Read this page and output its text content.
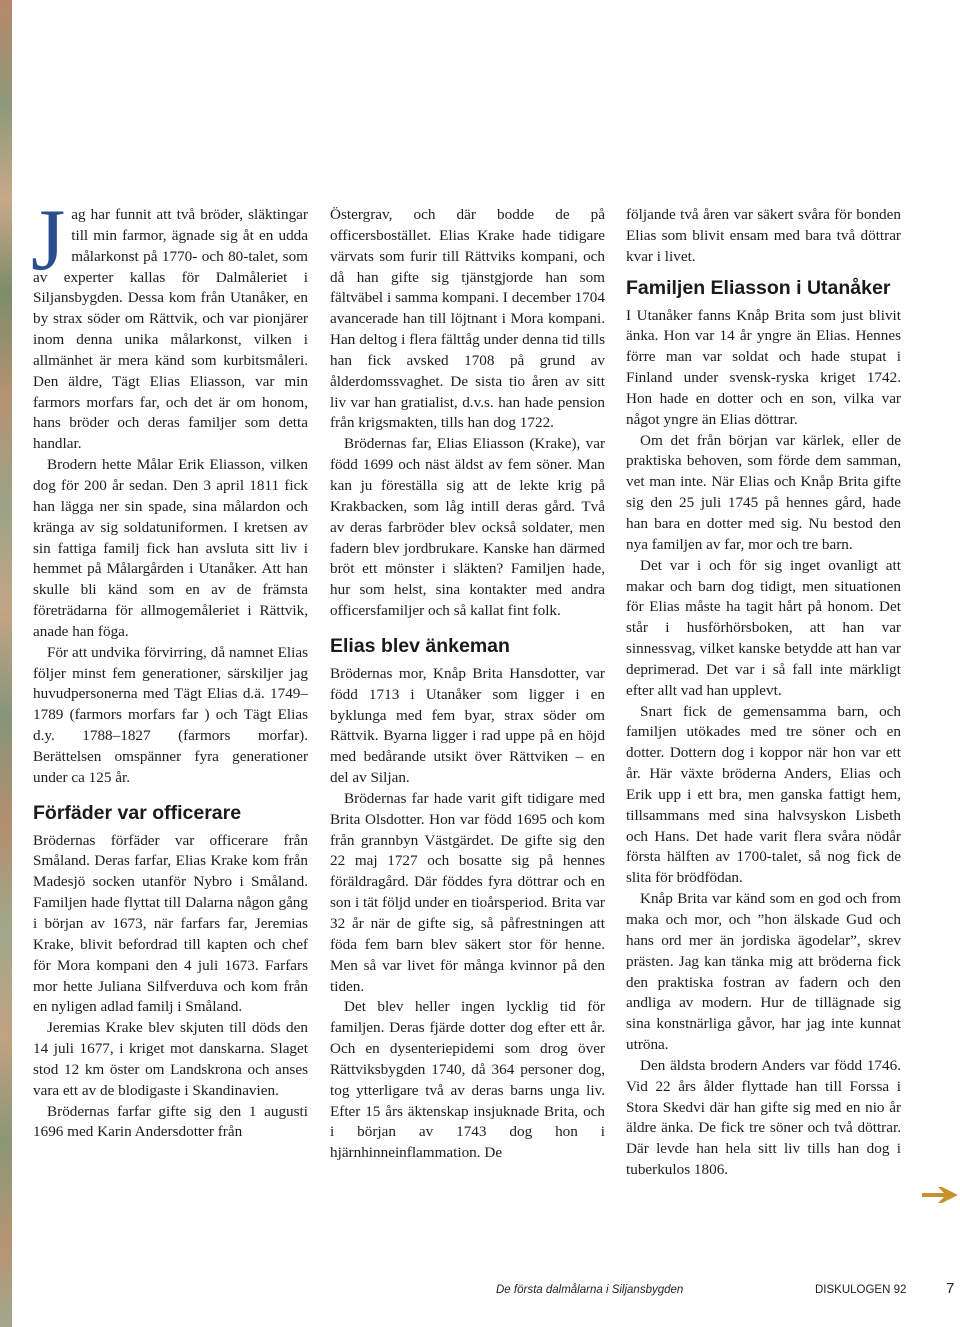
J ag har funnit att två bröder, släktingar till min farmor, ägnade sig åt en udda målarkonst på 1770- och 80-talet, som av experter kallas för Dalmåleriet i Siljansbygden. Dessa kom från Utanåker, en by strax söder om Rättvik, och var pionjärer inom denna unika målarkonst, vilken i allmänhet är mera känd som kurbitsmåleri. Den äldre, Tägt Elias Eliasson, var min farmors morfars far, och det är om honom, hans bröder och deras familjer som detta handlar.

Brodern hette Målar Erik Eliasson, vilken dog för 200 år sedan. Den 3 april 1811 fick han lägga ner sin spade, sina målardon och kränga av sig soldatuniformen. I kretsen av sin fattiga familj fick han avsluta sitt liv i hemmet på Målargården i Utanåker. Att han skulle bli känd som en av de främsta företrädarna för allmogemåleriet i Rättvik, anade han föga.

För att undvika förvirring, då namnet Elias följer minst fem generationer, särskiljer jag huvudpersonerna med Tägt Elias d.ä. 1749–1789 (farmors morfars far ) och Tägt Elias d.y. 1788–1827 (farmors morfar). Berättelsen omspänner fyra generationer under ca 125 år.

Förfäder var officerare

Brödernas förfäder var officerare från Småland. Deras farfar, Elias Krake kom från Madesjö socken utanför Nybro i Småland. Familjen hade flyttat till Dalarna någon gång i början av 1673, när farfars far, Jeremias Krake, blivit befordrad till kapten och chef för Mora kompani den 4 juli 1673. Farfars mor hette Juliana Silfverduva och kom från en nyligen adlad familj i Småland.

Jeremias Krake blev skjuten till döds den 14 juli 1677, i kriget mot danskarna. Slaget stod 12 km öster om Landskrona och anses vara ett av de blodigaste i Skandinavien.

Brödernas farfar gifte sig den 1 augusti 1696 med Karin Andersdotter från

Östergrav, och där bodde de på officersbostället. Elias Krake hade tidigare värvats som furir till Rättviks kompani, och då han gifte sig tjänstgjorde han som fältväbel i samma kompani. I december 1704 avancerade han till löjtnant i Mora kompani. Han deltog i flera fälttåg under denna tid tills han fick avsked 1708 på grund av ålderdomssvaghet. De sista tio åren av sitt liv var han gratialist, d.v.s. han hade pension från krigsmakten, tills han dog 1722.

Brödernas far, Elias Eliasson (Krake), var född 1699 och näst äldst av fem söner. Man kan ju föreställa sig att de lekte krig på Krakbacken, som låg intill deras gård. Två av deras farbröder blev också soldater, men fadern blev jordbrukare. Kanske han därmed bröt ett mönster i släkten? Familjen hade, hur som helst, sina kontakter med andra officersfamiljer och så kallat fint folk.

Elias blev änkeman

Brödernas mor, Knåp Brita Hansdotter, var född 1713 i Utanåker som ligger i en byklunga med fem byar, strax söder om Rättvik. Byarna ligger i rad uppe på en höjd med bedårande utsikt över Rättviken – en del av Siljan.

Brödernas far hade varit gift tidigare med Brita Olsdotter. Hon var född 1695 och kom från grannbyn Västgärdet. De gifte sig den 22 maj 1727 och bosatte sig på hennes föräldragård. Där föddes fyra döttrar och en son i tät följd under en tioårsperiod. Brita var 32 år när de gifte sig, så påfrestningen att föda fem barn blev säkert stor för henne. Men så var livet för många kvinnor på den tiden.

Det blev heller ingen lycklig tid för familjen. Deras fjärde dotter dog efter ett år. Och en dysenteriepidemi som drog över Rättviksbygden 1740, då 364 personer dog, tog ytterligare två av deras barns unga liv. Efter 15 års äktenskap insjuknade Brita, och i början av 1743 dog hon i hjärnhinneinflammation. De

följande två åren var säkert svåra för bonden Elias som blivit ensam med bara två döttrar kvar i livet.

Familjen Eliasson i Utanåker

I Utanåker fanns Knåp Brita som just blivit änka. Hon var 14 år yngre än Elias. Hennes förre man var soldat och hade stupat i Finland under svensk-ryska kriget 1742. Hon hade en dotter och en son, vilka var något yngre än Elias döttrar.

Om det från början var kärlek, eller de praktiska behoven, som förde dem samman, vet man inte. När Elias och Knåp Brita gifte sig den 25 juli 1745 på hennes gård, hade han bara en dotter med sig. Nu bestod den nya familjen av far, mor och tre barn.

Det var i och för sig inget ovanligt att makar och barn dog tidigt, men situationen för Elias måste ha tagit hårt på honom. Det står i husförhörsboken, att han var sinnessvag, vilket kanske betydde att han var deprimerad. Det var i så fall inte märkligt efter allt vad han upplevt.

Snart fick de gemensamma barn, och familjen utökades med tre söner och en dotter. Dottern dog i koppor när hon var ett år. Här växte bröderna Anders, Elias och Erik upp i ett bra, men ganska fattigt hem, tillsammans med sina halvsyskon Lisbeth och Hans. Det hade varit flera svåra nödår första hälften av 1700-talet, så nog fick de slita för brödfödan.

Knåp Brita var känd som en god och from maka och mor, och ”hon älskade Gud och hans ord mer än jordiska ägodelar”, skrev prästen. Jag kan tänka mig att bröderna fick den praktiska fostran av fadern och den andliga av modern. Hur de tillägnade sig sina konstnärliga gåvor, har jag inte kunnat utröna.

Den äldsta brodern Anders var född 1746. Vid 22 års ålder flyttade han till Forssa i Stora Skedvi där han gifte sig med en nio år äldre änka. De fick tre söner och två döttrar. Där levde han hela sitt liv tills han dog i tuberkulos 1806.

De första dalmålarna i Siljansbygden	DISKULOGEN 92	7
